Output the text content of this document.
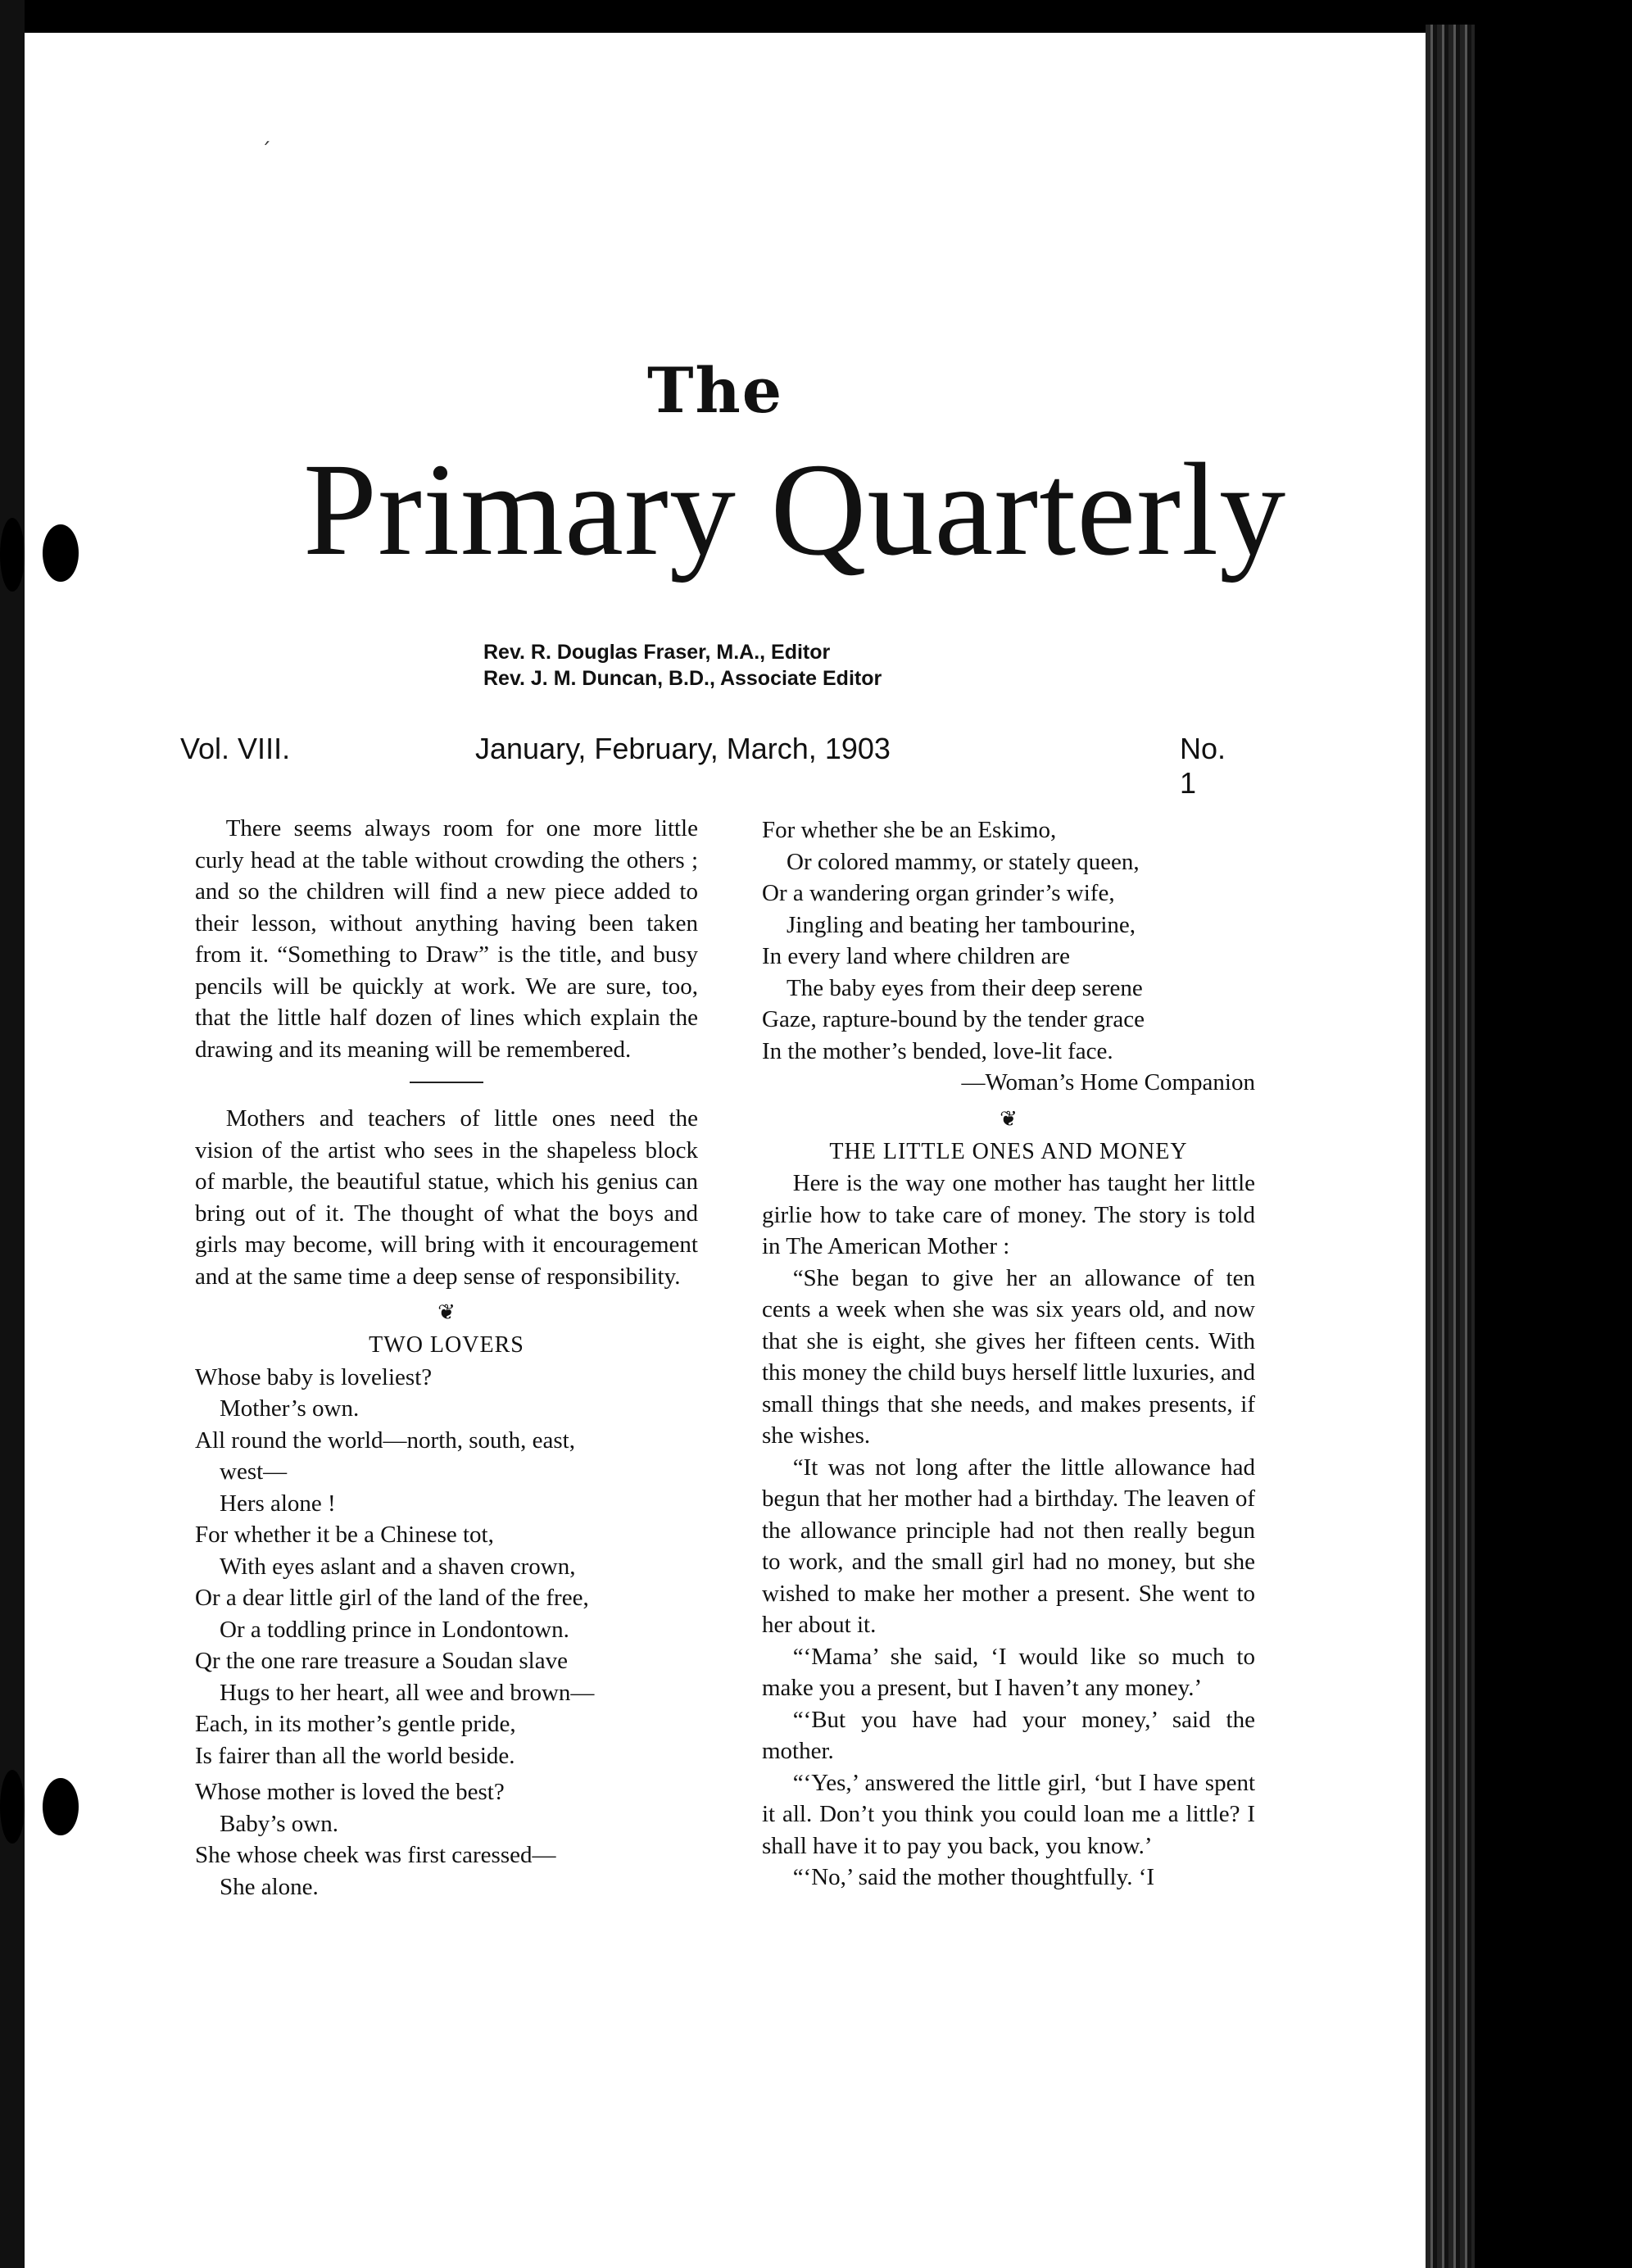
ˊ
The
Primary Quarterly
Rev. R. Douglas Fraser, M.A., Editor
Rev. J. M. Duncan, B.D., Associate Editor
Vol. VIII.	January, February, March, 1903	No. 1

There seems always room for one more little curly head at the table without crowding the others ; and so the children will find a new piece added to their lesson, without anything having been taken from it. “Something to Draw” is the title, and busy pencils will be quickly at work. We are sure, too, that the little half dozen of lines which explain the drawing and its meaning will be remembered.

Mothers and teachers of little ones need the vision of the artist who sees in the shapeless block of marble, the beautiful statue, which his genius can bring out of it. The thought of what the boys and girls may become, will bring with it encouragement and at the same time a deep sense of responsibility.

❦
TWO LOVERS
Whose baby is loveliest?
Mother’s own.
All round the world—north, south, east,
west—
Hers alone !
For whether it be a Chinese tot,
With eyes aslant and a shaven crown,
Or a dear little girl of the land of the free,
Or a toddling prince in Londontown.
Qr the one rare treasure a Soudan slave
Hugs to her heart, all wee and brown—
Each, in its mother’s gentle pride,
Is fairer than all the world beside.
Whose mother is loved the best?
Baby’s own.
She whose cheek was first caressed—
She alone.
For whether she be an Eskimo,
Or colored mammy, or stately queen,
Or a wandering organ grinder’s wife,
Jingling and beating her tambourine,
In every land where children are
The baby eyes from their deep serene
Gaze, rapture-bound by the tender grace
In the mother’s bended, love-lit face.

—Woman’s Home Companion

❦
THE LITTLE ONES AND MONEY

Here is the way one mother has taught her little girlie how to take care of money. The story is told in The American Mother :

“She began to give her an allowance of ten cents a week when she was six years old, and now that she is eight, she gives her fifteen cents. With this money the child buys herself little luxuries, and small things that she needs, and makes presents, if she wishes.

“It was not long after the little allowance had begun that her mother had a birthday. The leaven of the allowance principle had not then really begun to work, and the small girl had no money, but she wished to make her mother a present. She went to her about it.

“‘Mama’ she said, ‘I would like so much to make you a present, but I haven’t any money.’

“‘But you have had your money,’ said the mother.

“‘Yes,’ answered the little girl, ‘but I have spent it all. Don’t you think you could loan me a little? I shall have it to pay you back, you know.’

“‘No,’ said the mother thoughtfully. ‘I
